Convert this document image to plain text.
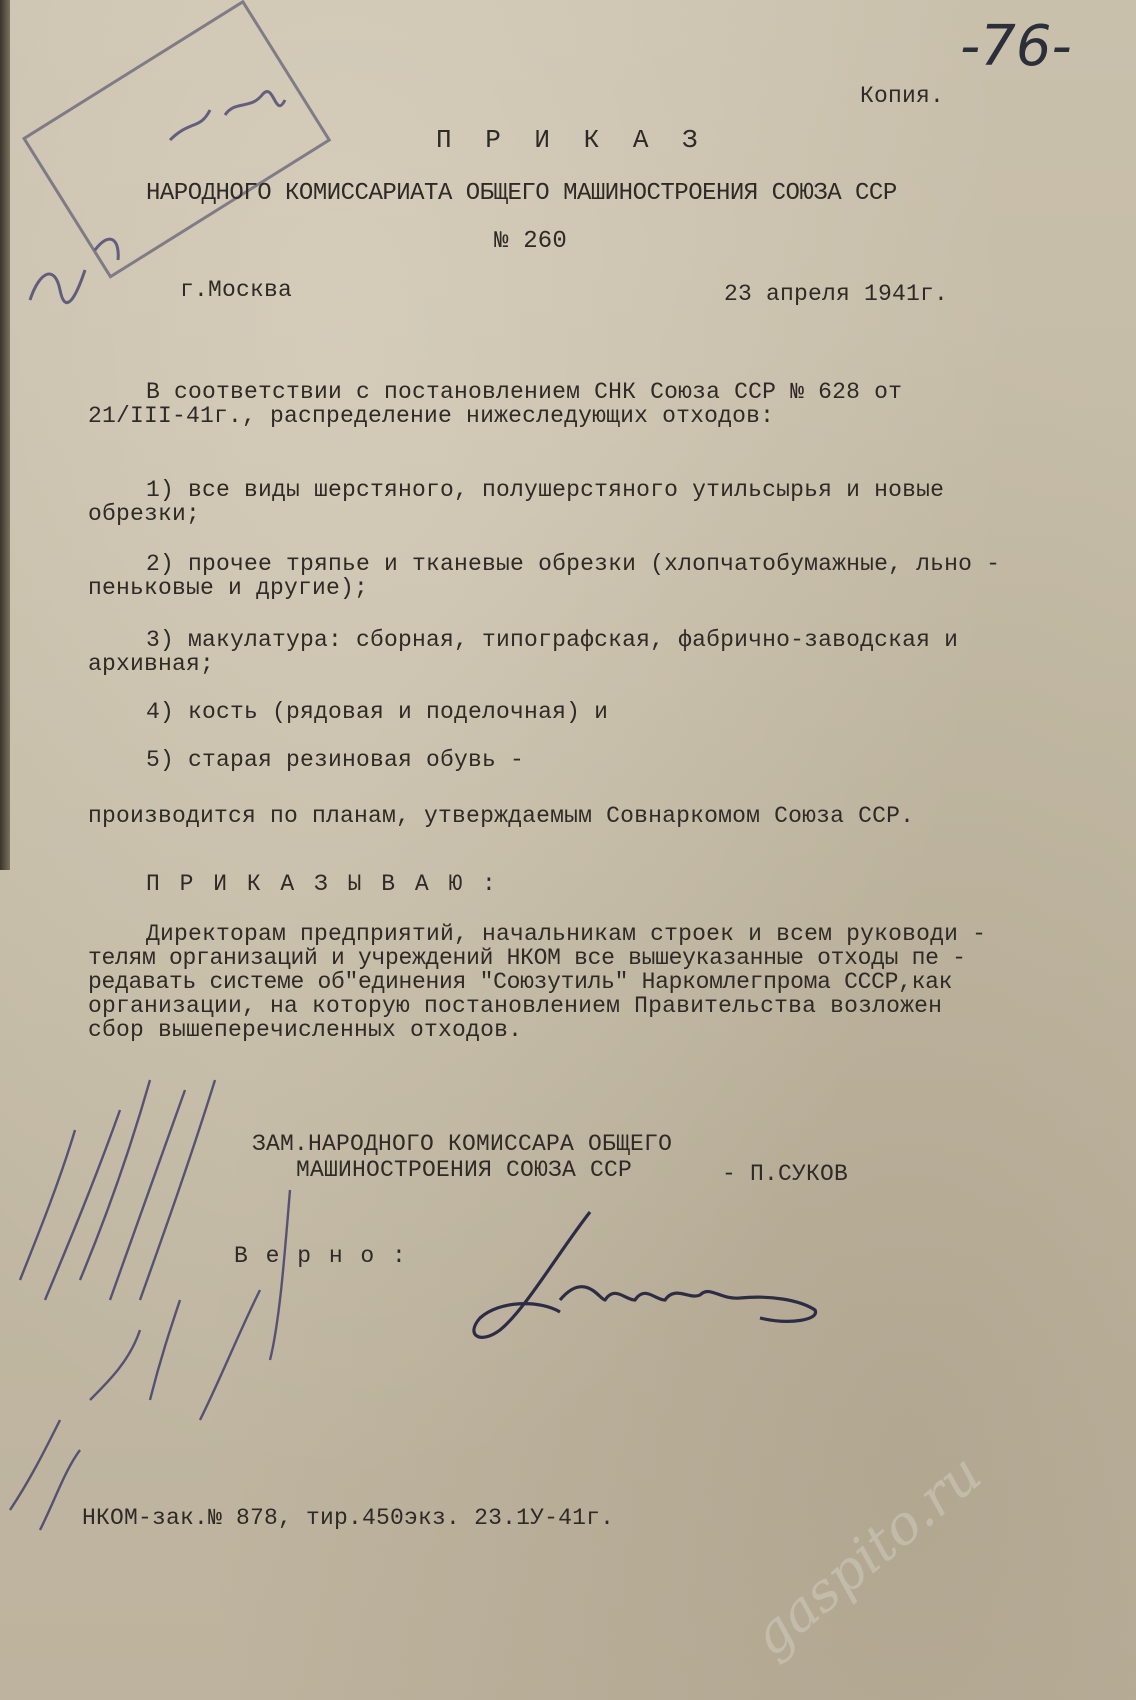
-76-
Копия.
П Р И К А З
НАРОДНОГО КОМИССАРИАТА ОБЩЕГО МАШИНОСТРОЕНИЯ СОЮЗА ССР
№ 260
г.Москва	23 апреля 1941г.
В соответствии с постановлением СНК Союза ССР № 628 от
21/III-41г., распределение нижеследующих отходов:
1) все виды шерстяного, полушерстяного утильсырья и новые
обрезки;
2) прочее тряпье и тканевые обрезки (хлопчатобумажные, льно -
пеньковые и другие);
3) макулатура: сборная, типографская, фабрично-заводская и
архивная;
4) кость (рядовая и поделочная) и
5) старая резиновая обувь -
производится по планам, утверждаемым Совнаркомом Союза ССР.
П Р И К А З Ы В А Ю :
Директорам предприятий, начальникам строек и всем руководи -
телям организаций и учреждений НКОМ все вышеуказанные отходы пе -
редавать системе об"единения "Союзутиль" Наркомлегпрома СССР,как
организации, на которую постановлением Правительства возложен
сбор вышеперечисленных отходов.
ЗАМ.НАРОДНОГО КОМИССАРА ОБЩЕГО
МАШИНОСТРОЕНИЯ СОЮЗА ССР	- П.СУКОВ
В е р н о :
НКОМ-зак.№ 878, тир.450экз. 23.1У-41г. gaspito.ru
